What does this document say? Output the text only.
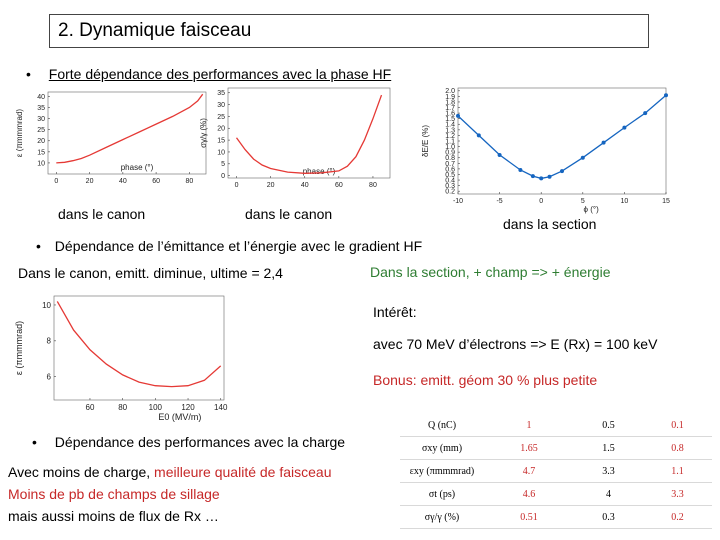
2. Dynamique faisceau
• Forte dépendance des performances avec la phase HF
0	20	40	60	80
10
15
20
25
30
35
40
phase (°)
ε (πmmmrad)
0	20	40	60	80
0
5
10
15
20
25
30
35
phase (°)
σγ/γ (%)
-10	-5	0	5	10	15
0.2
0.3
0.4
0.5
0.6
0.7
0.8
0.9
1.0
1.1
1.2
1.3
1.4
1.5
1.6
1.7
1.8
1.9
2.0
ϕ (°)
δE/E (%)
dans le canon	dans le canon
dans la section
• Dépendance de l’émittance et l’énergie avec le gradient HF
Dans le canon, emitt. diminue, ultime = 2,4	Dans la section, + champ => + énergie
60	80	100 120 140
6
8
10
E0 (MV/m)
ε (πmmmrad)
Intérêt:
avec 70 MeV d’électrons => E (Rx) = 100 keV
Bonus: emitt. géom 30 % plus petite
• Dépendance des performances avec la charge
Avec moins de charge, meilleure qualité de faisceau
Moins de pb de champs de sillage
mais aussi moins de flux de Rx …
Q (nC)	1	0.5	0.1
σxy (mm)	1.65	1.5	0.8
εxy (πmmmrad)	4.7	3.3	1.1
σt (ps)	4.6	4	3.3
σγ/γ (%)	0.51	0.3	0.2
